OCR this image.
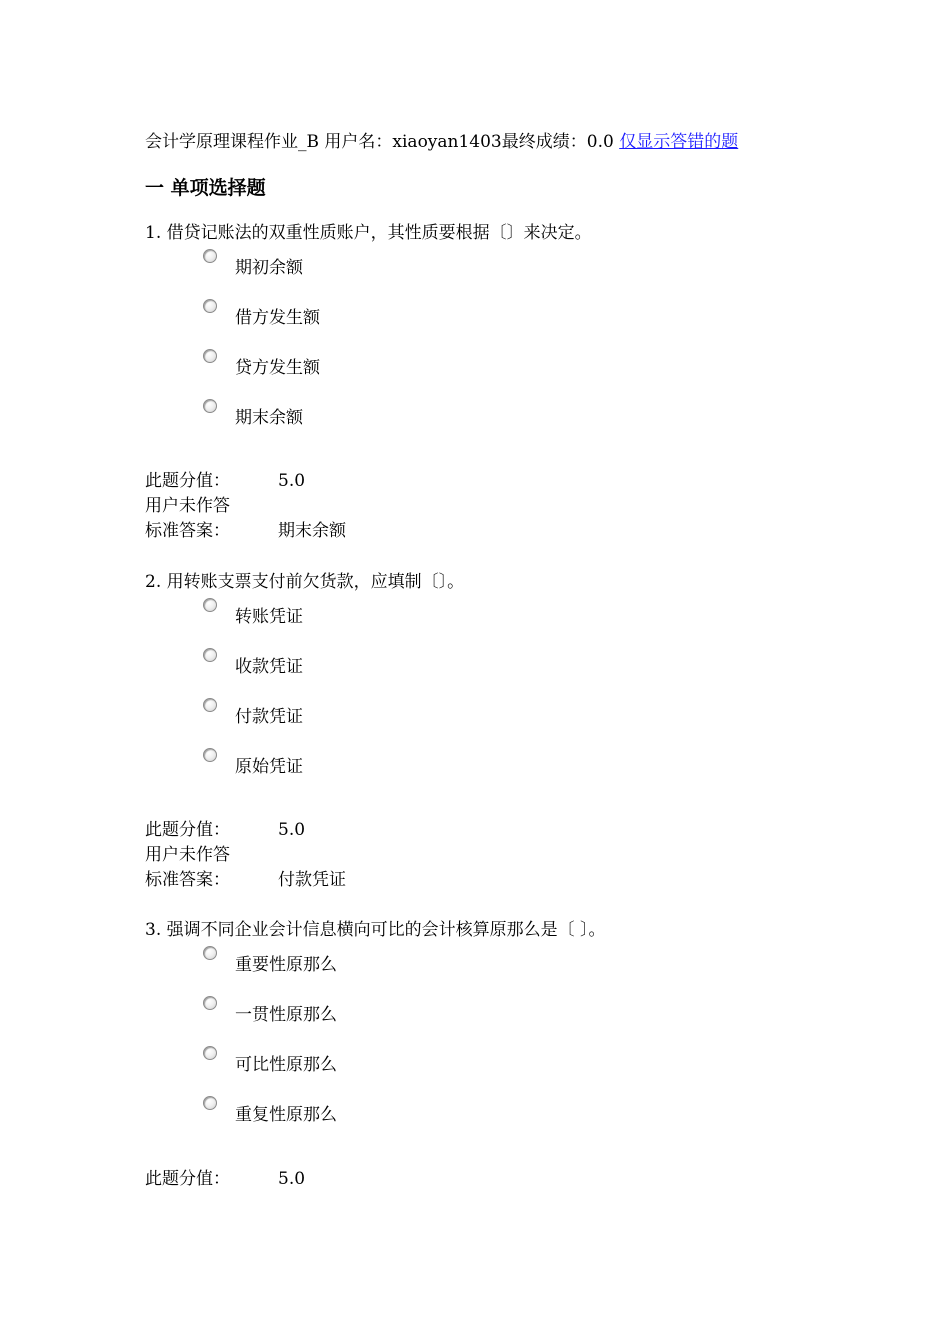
会计学原理课程作业_B 用户名：xiaoyan1403最终成绩：0.0 仅显示答错的题
一 单项选择题
1. 借贷记账法的双重性质账户，其性质要根据〔〕来决定。
期初余额
借方发生额
贷方发生额
期末余额
此题分值：	5.0
用户未作答
标准答案：	期末余额
2. 用转账支票支付前欠货款，应填制〔〕。
转账凭证
收款凭证
付款凭证
原始凭证
此题分值：	5.0
用户未作答
标准答案：	付款凭证
3. 强调不同企业会计信息横向可比的会计核算原那么是〔 〕。
重要性原那么
一贯性原那么
可比性原那么
重复性原那么
此题分值：	5.0
